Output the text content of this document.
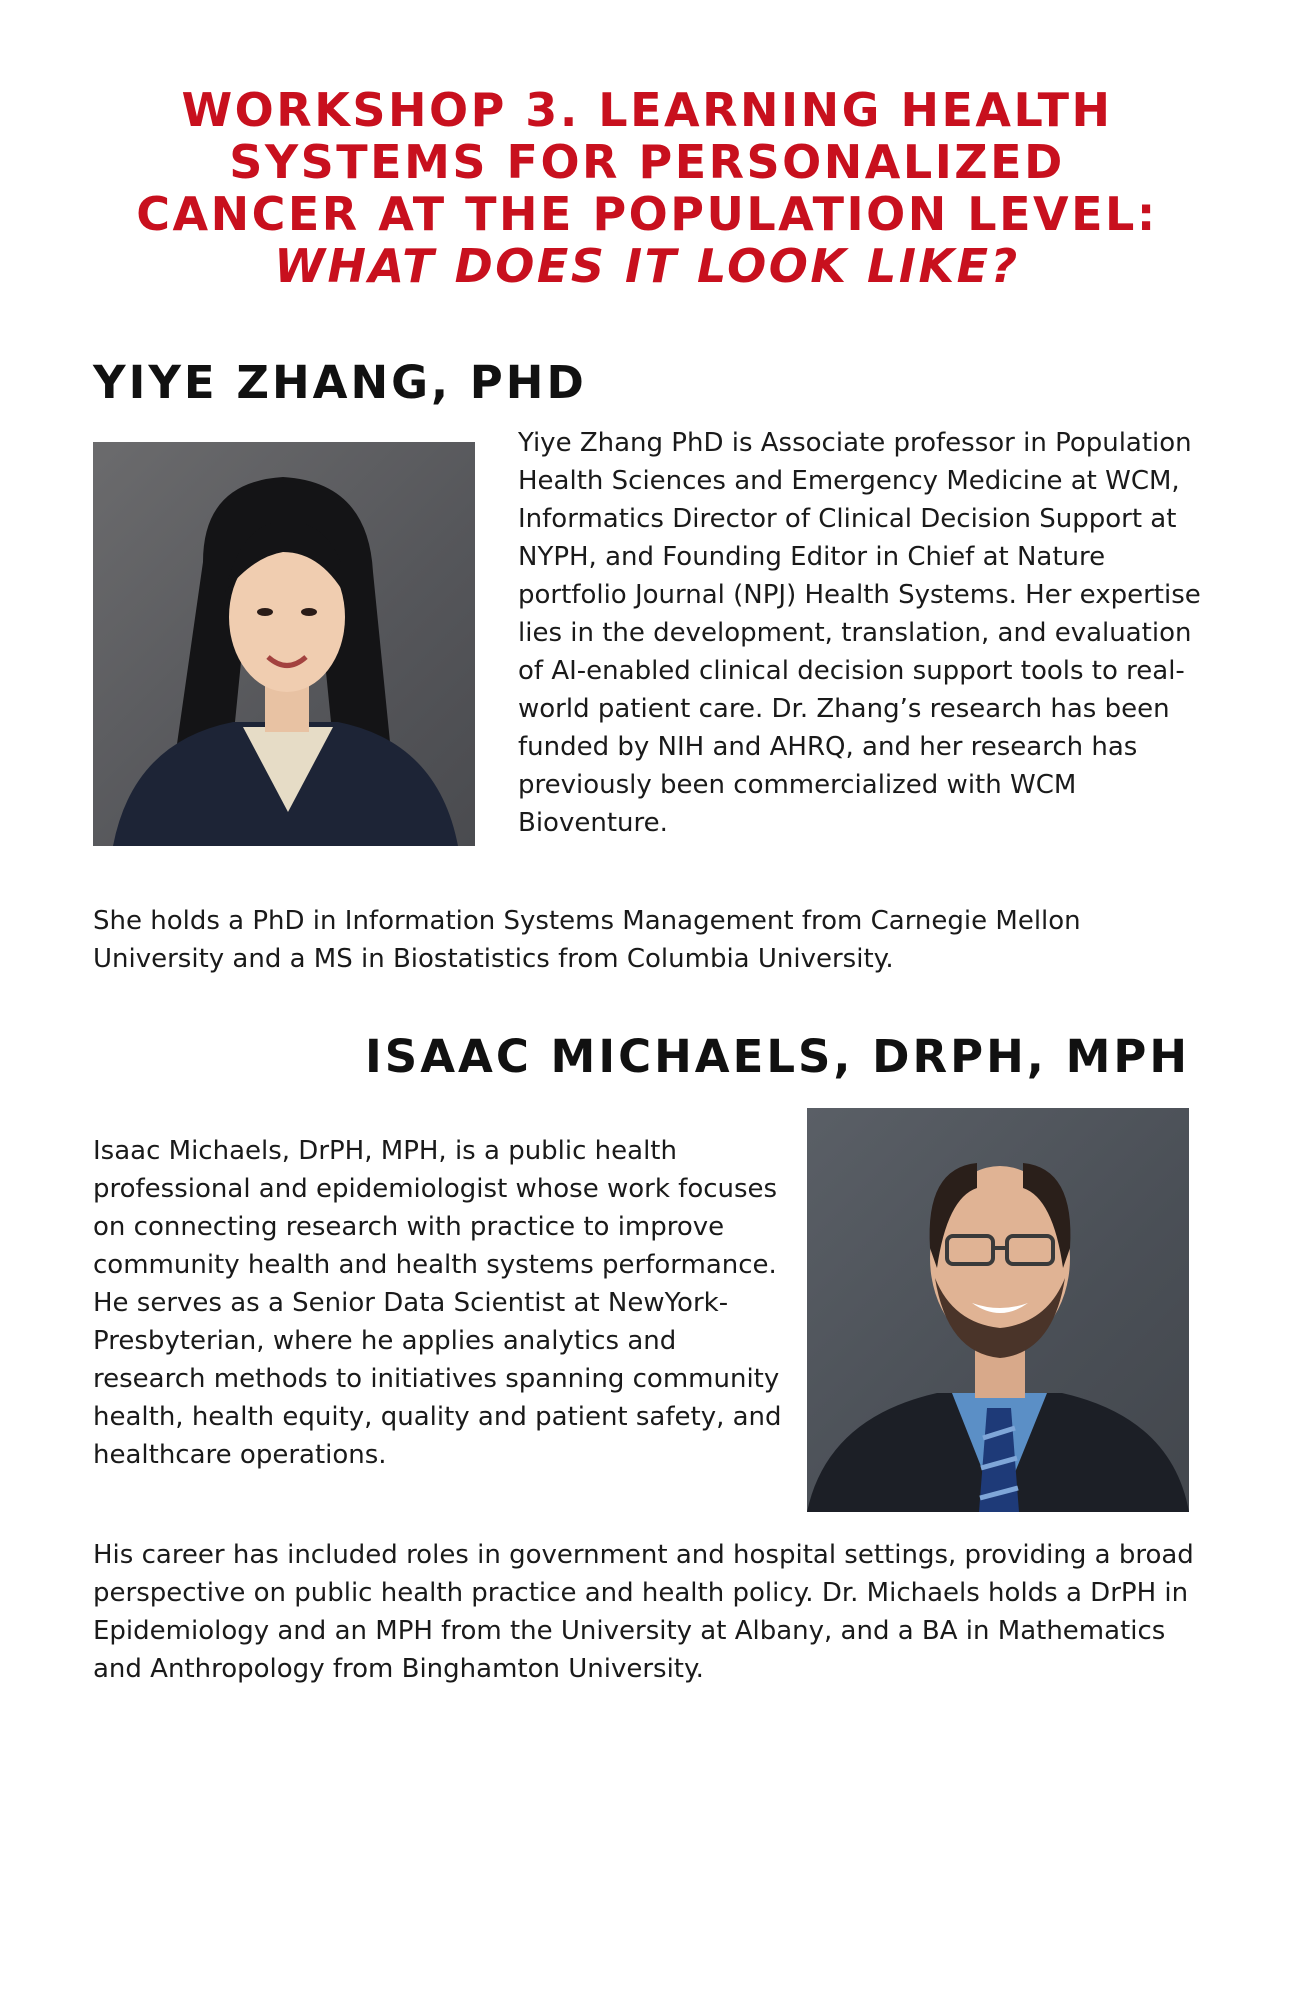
WORKSHOP 3. LEARNING HEALTH
SYSTEMS FOR PERSONALIZED
CANCER AT THE POPULATION LEVEL:
WHAT DOES IT LOOK LIKE?
YIYE ZHANG, PHD

Yiye Zhang PhD is Associate professor in Population Health Sciences and Emergency Medicine at WCM, Informatics Director of Clinical Decision Support at NYPH, and Founding Editor in Chief at Nature portfolio Journal (NPJ) Health Systems. Her expertise lies in the development, translation, and evaluation of AI-enabled clinical decision support tools to real-world patient care. Dr. Zhang’s research has been funded by NIH and AHRQ, and her research has previously been commercialized with WCM Bioventure.

She holds a PhD in Information Systems Management from Carnegie Mellon University and a MS in Biostatistics from Columbia University.

ISAAC MICHAELS, DRPH, MPH

Isaac Michaels, DrPH, MPH, is a public health professional and epidemiologist whose work focuses on connecting research with practice to improve community health and health systems performance. He serves as a Senior Data Scientist at NewYork-Presbyterian, where he applies analytics and research methods to initiatives spanning community health, health equity, quality and patient safety, and healthcare operations.

His career has included roles in government and hospital settings, providing a broad perspective on public health practice and health policy. Dr. Michaels holds a DrPH in Epidemiology and an MPH from the University at Albany, and a BA in Mathematics and Anthropology from Binghamton University.
